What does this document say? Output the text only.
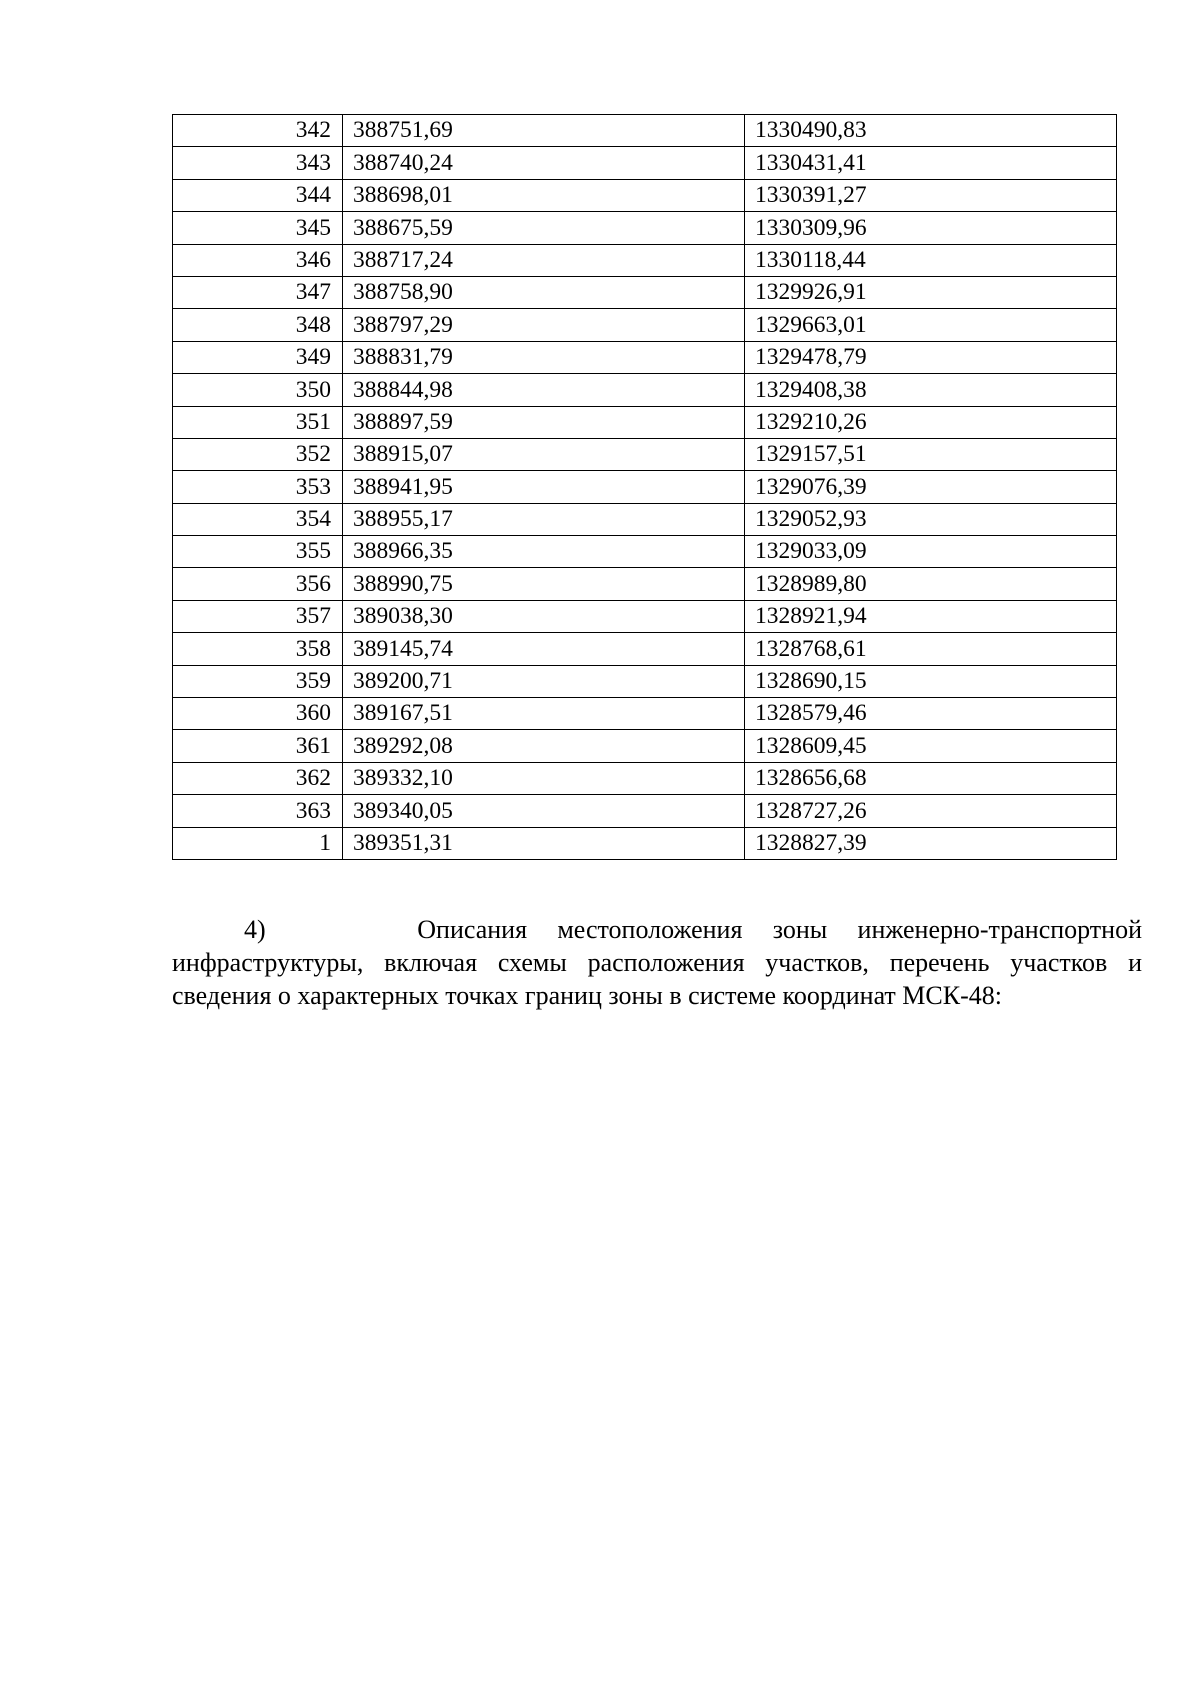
342	388751,69	1330490,83
343	388740,24	1330431,41
344	388698,01	1330391,27
345	388675,59	1330309,96
346	388717,24	1330118,44
347	388758,90	1329926,91
348	388797,29	1329663,01
349	388831,79	1329478,79
350	388844,98	1329408,38
351	388897,59	1329210,26
352	388915,07	1329157,51
353	388941,95	1329076,39
354	388955,17	1329052,93
355	388966,35	1329033,09
356	388990,75	1328989,80
357	389038,30	1328921,94
358	389145,74	1328768,61
359	389200,71	1328690,15
360	389167,51	1328579,46
361	389292,08	1328609,45
362	389332,10	1328656,68
363	389340,05	1328727,26
1	389351,31	1328827,39
4)     Описания местоположения зоны инженерно-транспортной
инфраструктуры, включая схемы расположения участков, перечень участков и сведения о характерных точках границ зоны в системе координат МСК-48:
